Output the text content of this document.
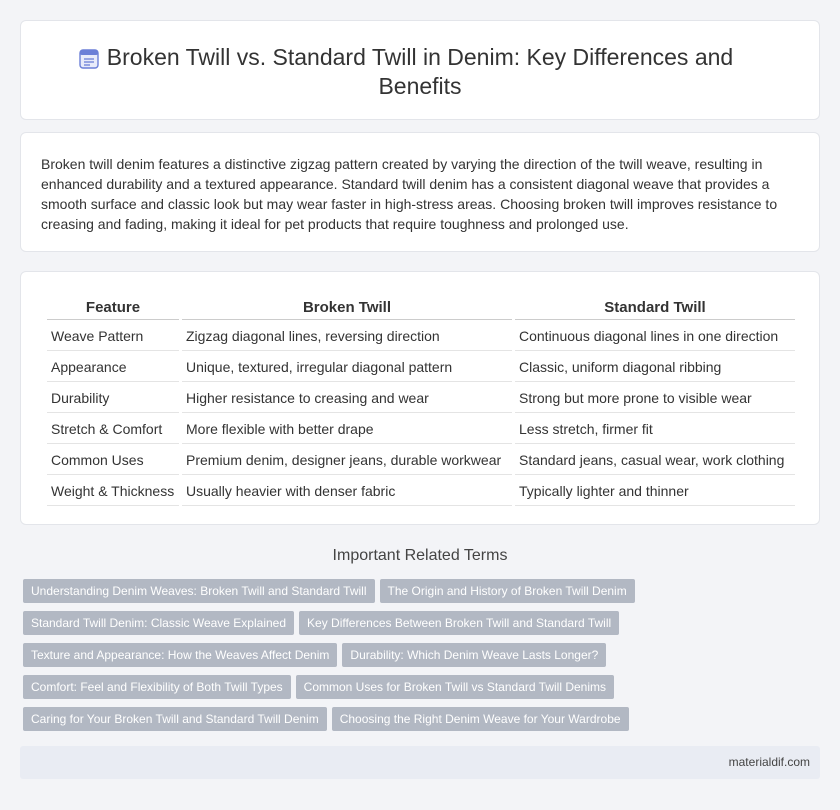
Broken Twill vs. Standard Twill in Denim: Key Differences and Benefits

Broken twill denim features a distinctive zigzag pattern created by varying the direction of the twill weave, resulting in enhanced durability and a textured appearance. Standard twill denim has a consistent diagonal weave that provides a smooth surface and classic look but may wear faster in high-stress areas. Choosing broken twill improves resistance to creasing and fading, making it ideal for pet products that require toughness and prolonged use.

Feature	Broken Twill	Standard Twill
Weave Pattern	Zigzag diagonal lines, reversing direction	Continuous diagonal lines in one direction
Appearance	Unique, textured, irregular diagonal pattern	Classic, uniform diagonal ribbing
Durability	Higher resistance to creasing and wear	Strong but more prone to visible wear
Stretch & Comfort	More flexible with better drape	Less stretch, firmer fit
Common Uses	Premium denim, designer jeans, durable workwear	Standard jeans, casual wear, work clothing
Weight & Thickness	Usually heavier with denser fabric	Typically lighter and thinner
Important Related Terms
Understanding Denim Weaves: Broken Twill and Standard Twill The Origin and History of Broken Twill Denim
Standard Twill Denim: Classic Weave Explained Key Differences Between Broken Twill and Standard Twill
Texture and Appearance: How the Weaves Affect Denim Durability: Which Denim Weave Lasts Longer?
Comfort: Feel and Flexibility of Both Twill Types Common Uses for Broken Twill vs Standard Twill Denims
Caring for Your Broken Twill and Standard Twill Denim Choosing the Right Denim Weave for Your Wardrobe
materialdif.com
